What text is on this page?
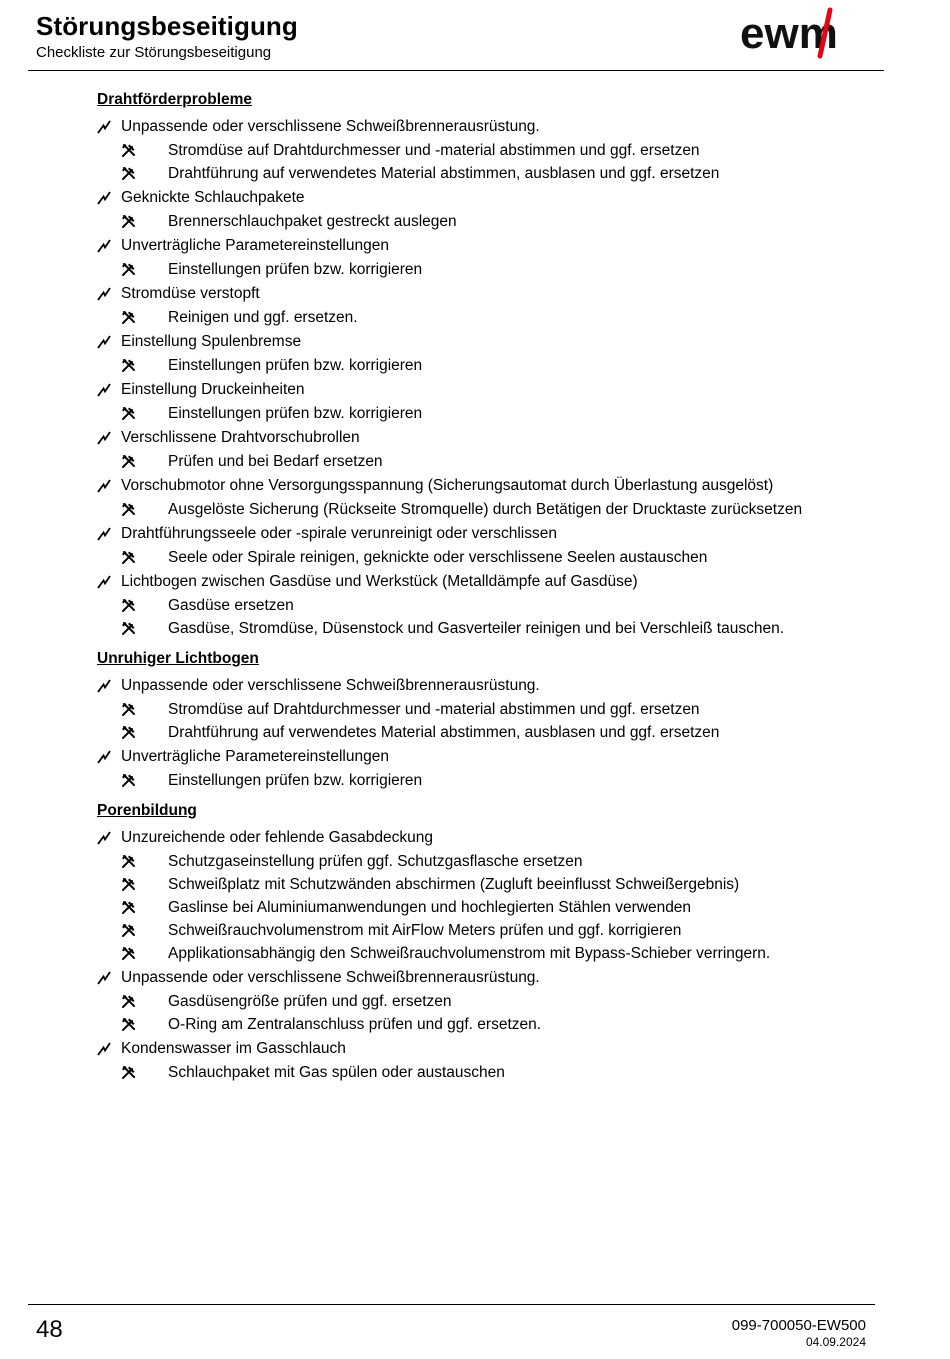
Störungsbeseitigung
Checkliste zur Störungsbeseitigung	ewm
Drahtförderprobleme
Unpassende oder verschlissene Schweißbrennerausrüstung.
Stromdüse auf Drahtdurchmesser und -material abstimmen und ggf. ersetzen
Drahtführung auf verwendetes Material abstimmen, ausblasen und ggf. ersetzen
Geknickte Schlauchpakete
Brennerschlauchpaket gestreckt auslegen
Unverträgliche Parametereinstellungen
Einstellungen prüfen bzw. korrigieren
Stromdüse verstopft
Reinigen und ggf. ersetzen.
Einstellung Spulenbremse
Einstellungen prüfen bzw. korrigieren
Einstellung Druckeinheiten
Einstellungen prüfen bzw. korrigieren
Verschlissene Drahtvorschubrollen
Prüfen und bei Bedarf ersetzen
Vorschubmotor ohne Versorgungsspannung (Sicherungsautomat durch Überlastung ausgelöst)
Ausgelöste Sicherung (Rückseite Stromquelle) durch Betätigen der Drucktaste zurücksetzen
Drahtführungsseele oder -spirale verunreinigt oder verschlissen
Seele oder Spirale reinigen, geknickte oder verschlissene Seelen austauschen
Lichtbogen zwischen Gasdüse und Werkstück (Metalldämpfe auf Gasdüse)
Gasdüse ersetzen
Gasdüse, Stromdüse, Düsenstock und Gasverteiler reinigen und bei Verschleiß tauschen.
Unruhiger Lichtbogen
Unpassende oder verschlissene Schweißbrennerausrüstung.
Stromdüse auf Drahtdurchmesser und -material abstimmen und ggf. ersetzen
Drahtführung auf verwendetes Material abstimmen, ausblasen und ggf. ersetzen
Unverträgliche Parametereinstellungen
Einstellungen prüfen bzw. korrigieren
Porenbildung
Unzureichende oder fehlende Gasabdeckung
Schutzgaseinstellung prüfen ggf. Schutzgasflasche ersetzen
Schweißplatz mit Schutzwänden abschirmen (Zugluft beeinflusst Schweißergebnis)
Gaslinse bei Aluminiumanwendungen und hochlegierten Stählen verwenden
Schweißrauchvolumenstrom mit AirFlow Meters prüfen und ggf. korrigieren
Applikationsabhängig den Schweißrauchvolumenstrom mit Bypass-Schieber verringern.
Unpassende oder verschlissene Schweißbrennerausrüstung.
Gasdüsengröße prüfen und ggf. ersetzen
O-Ring am Zentralanschluss prüfen und ggf. ersetzen.
Kondenswasser im Gasschlauch
Schlauchpaket mit Gas spülen oder austauschen
48	099-700050-EW500
04.09.2024
